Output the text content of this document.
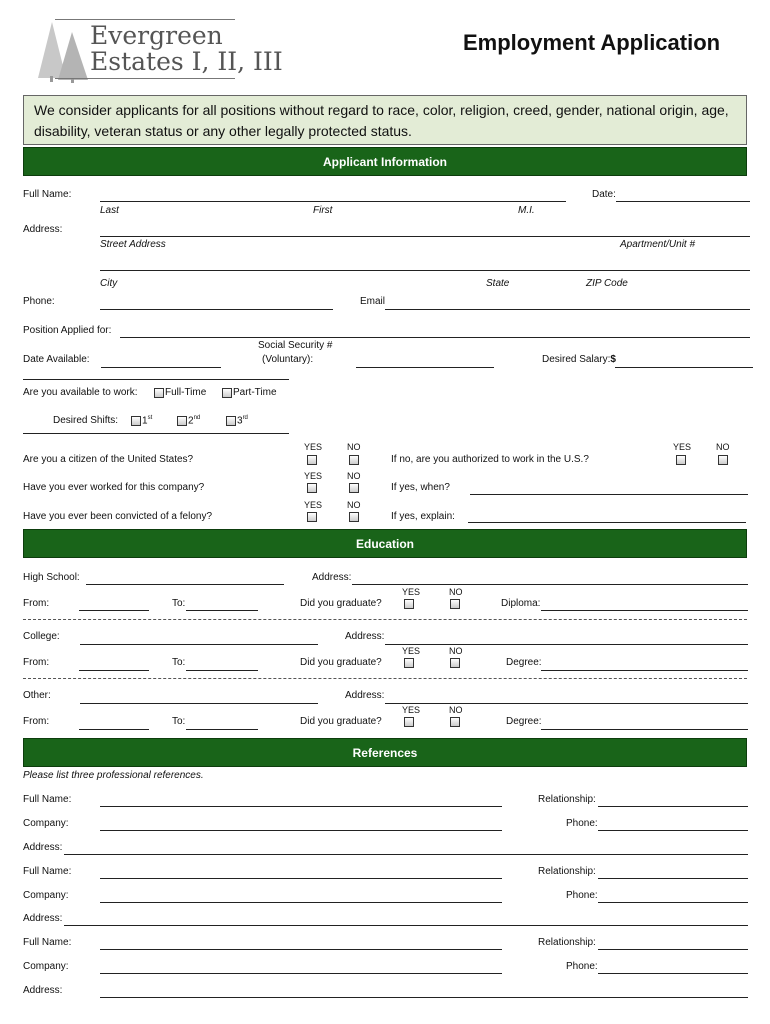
Evergreen
Estates I, II, III
Employment Application
We consider applicants for all positions without regard to race, color, religion, creed, gender, national origin, age, disability, veteran status or any other legally protected status.
Applicant Information
Full Name:	Date:
Last	First	M.I.
Address:
Street Address	Apartment/Unit #
City	State	ZIP Code
Phone:	Email
Position Applied for:
Social Security #
(Voluntary):
Date Available:	Desired Salary:$
Are you available to work:	Full-Time	Part-Time
Desired Shifts: 1st	2nd	3rd
YES	NO	YES	NO
Are you a citizen of the United States?	If no, are you authorized to work in the U.S.?
YES	NO
Have you ever worked for this company?	If yes, when?
YES	NO
Have you ever been convicted of a felony?	If yes, explain:
Education
High School:	Address:
YES	NO
From:	To:	Did you graduate?	Diploma:
College:	Address:
YES	NO
From:	To:	Did you graduate?	Degree:
Other:	Address:
YES	NO
From:	To:	Did you graduate?	Degree:
References
Please list three professional references.
Full Name:	Relationship:
Company:	Phone:
Address:
Full Name:	Relationship:
Company:	Phone:
Address:
Full Name:	Relationship:
Company:	Phone:
Address:
